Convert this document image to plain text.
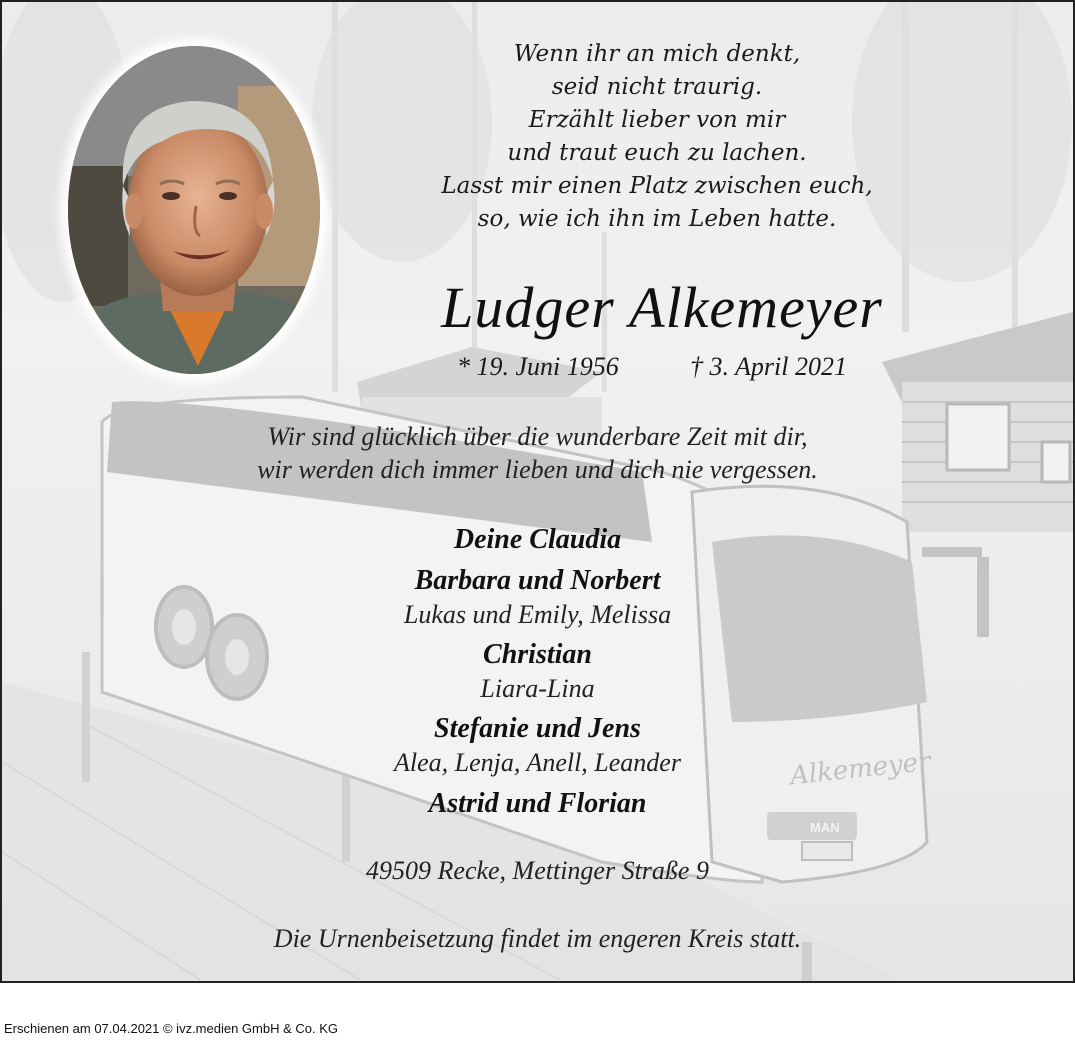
Alkemeyer
MAN
Wenn ihr an mich denkt,
seid nicht traurig.
Erzählt lieber von mir
und traut euch zu lachen.
Lasst mir einen Platz zwischen euch,
so, wie ich ihn im Leben hatte.
Ludger Alkemeyer
* 19. Juni 1956	† 3. April 2021
Wir sind glücklich über die wunderbare Zeit mit dir,
wir werden dich immer lieben und dich nie vergessen.
Deine Claudia
Barbara und Norbert
Lukas und Emily, Melissa
Christian
Liara-Lina
Stefanie und Jens
Alea, Lenja, Anell, Leander
Astrid und Florian
49509 Recke, Mettinger Straße 9
Die Urnenbeisetzung findet im engeren Kreis statt.
Erschienen am 07.04.2021 © ivz.medien GmbH & Co. KG
